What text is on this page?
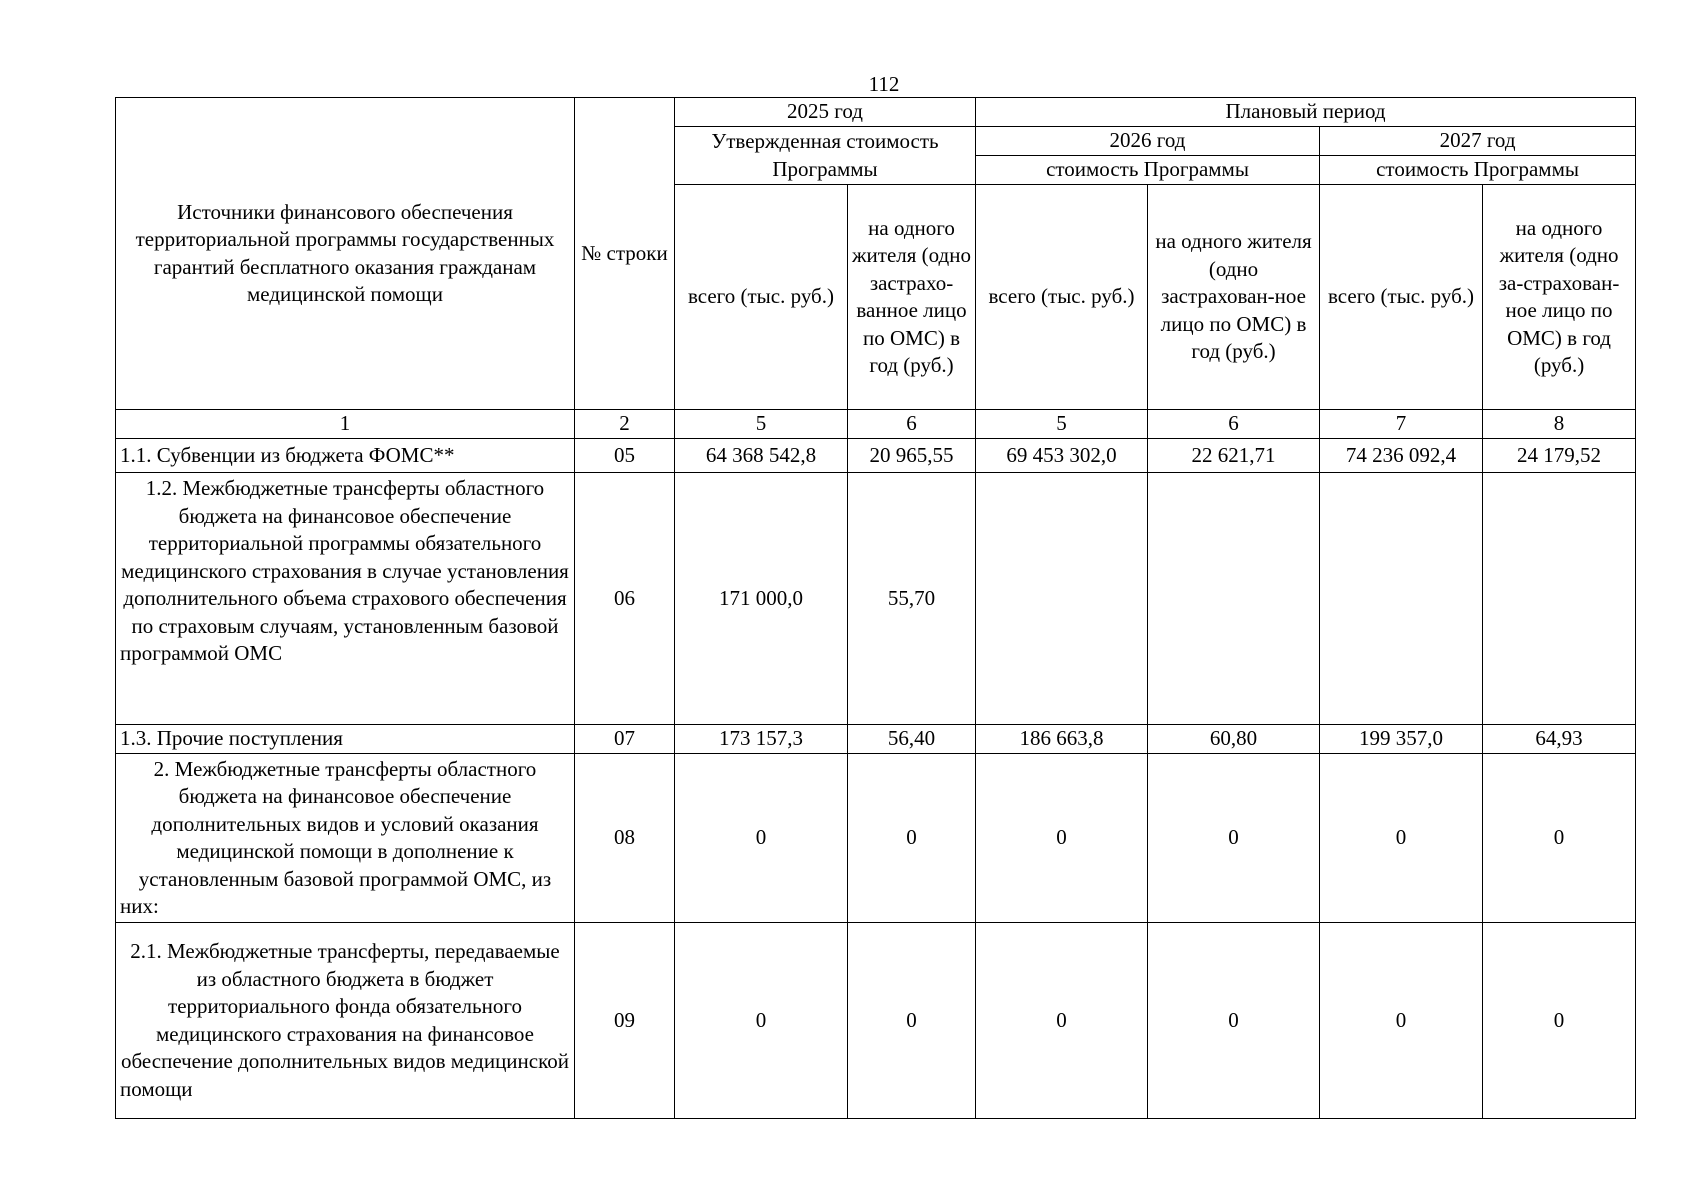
112
Источники финансового обеспечения территориальной программы государственных гарантий бесплатного оказания гражданам медицинской помощи	№ строки	2025 год		Плановый период			
		Утвержденная стоимость Программы		2026 год		2027 год	
				стоимость Программы		стоимость Программы	
		всего (тыс. руб.)	на одного жителя (одно застрахо-ванное лицо по ОМС) в год (руб.)	всего (тыс. руб.)	на одного жителя (одно застрахован-ное лицо по ОМС) в год (руб.)	всего (тыс. руб.)	на одного жителя (одно за-страхован-ное лицо по ОМС) в год (руб.)
1	2	5	6	5	6	7	8
1.1. Субвенции из бюджета ФОМС**	05	64 368 542,8	20 965,55	69 453 302,0	22 621,71	74 236 092,4	24 179,52
1.2. Межбюджетные трансферты областного бюджета на финансовое обеспечение территориальной программы обязательного медицинского страхования в случае установления дополнительного объема страхового обеспечения по страховым случаям, установленным базовой программой ОМС	06	171 000,0	55,70				
1.3. Прочие поступления	07	173 157,3	56,40	186 663,8	60,80	199 357,0	64,93
2. Межбюджетные трансферты областного бюджета на финансовое обеспечение дополнительных видов и условий оказания медицинской помощи в дополнение к установленным базовой программой ОМС, из них:	08	0	0	0	0	0	0
2.1. Межбюджетные трансферты, передаваемые из областного бюджета в бюджет территориального фонда обязательного медицинского страхования на финансовое обеспечение дополнительных видов медицинской помощи	09	0	0	0	0	0	0
